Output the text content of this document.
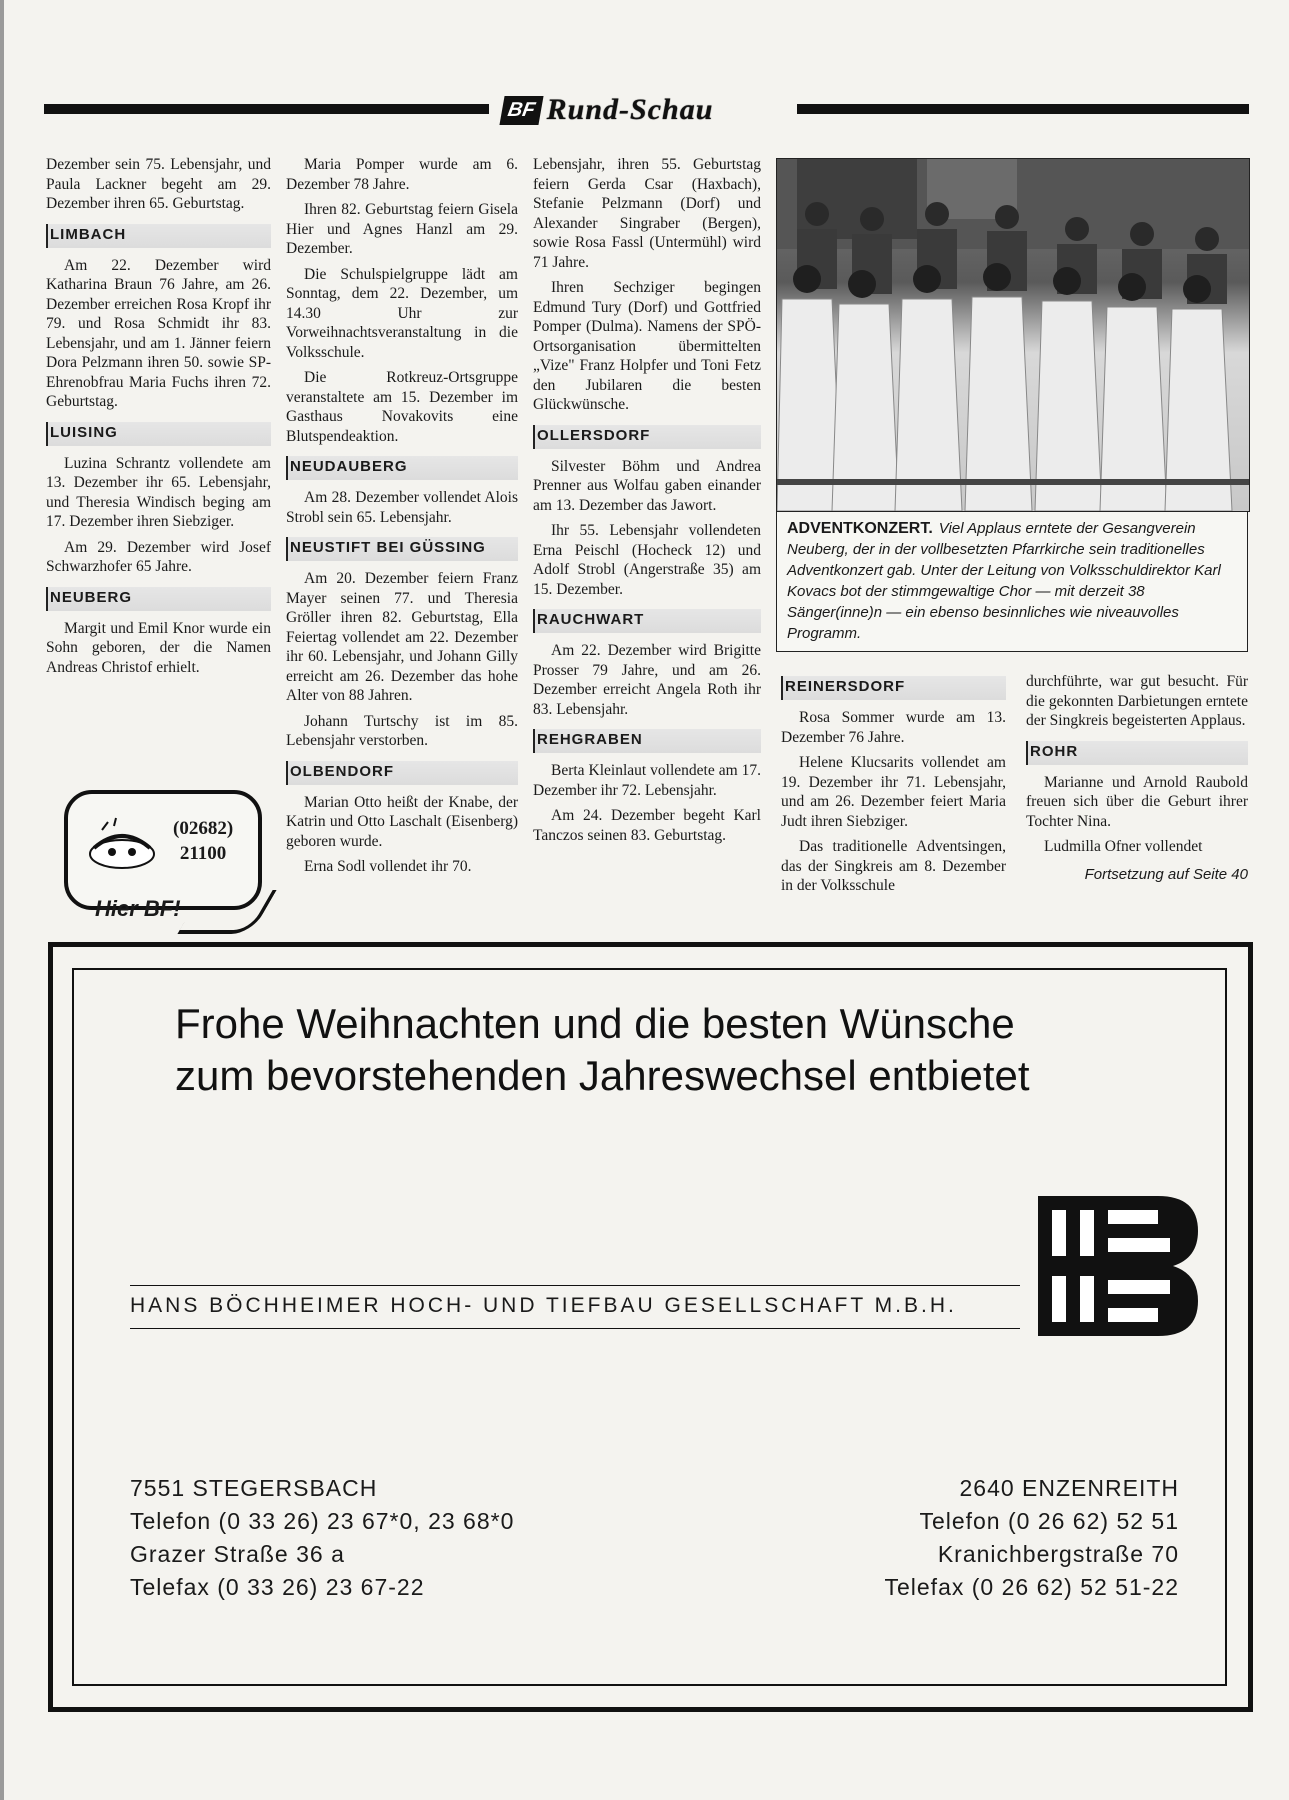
BF Rund-Schau

Dezember sein 75. Lebensjahr, und Paula Lackner begeht am 29. Dezember ihren 65. Geburtstag.

LIMBACH

Am 22. Dezember wird Katharina Braun 76 Jahre, am 26. Dezember erreichen Rosa Kropf ihr 79. und Rosa Schmidt ihr 83. Lebensjahr, und am 1. Jänner feiern Dora Pelzmann ihren 50. sowie SP-Ehrenobfrau Maria Fuchs ihren 72. Geburtstag.

LUISING

Luzina Schrantz vollendete am 13. Dezember ihr 65. Lebensjahr, und Theresia Windisch beging am 17. Dezember ihren Siebziger.

Am 29. Dezember wird Josef Schwarzhofer 65 Jahre.

NEUBERG

Margit und Emil Knor wurde ein Sohn geboren, der die Namen Andreas Christof erhielt.

(02682)
21100
Hier BF!

Maria Pomper wurde am 6. Dezember 78 Jahre.

Ihren 82. Geburtstag feiern Gisela Hier und Agnes Hanzl am 29. Dezember.

Die Schulspielgruppe lädt am Sonntag, dem 22. Dezember, um 14.30 Uhr zur Vorweihnachtsveranstaltung in die Volksschule.

Die Rotkreuz-Ortsgruppe veranstaltete am 15. Dezember im Gasthaus Novakovits eine Blutspendeaktion.

NEUDAUBERG

Am 28. Dezember vollendet Alois Strobl sein 65. Lebensjahr.

NEUSTIFT BEI GÜSSING

Am 20. Dezember feiern Franz Mayer seinen 77. und Theresia Gröller ihren 82. Geburtstag, Ella Feiertag vollendet am 22. Dezember ihr 60. Lebensjahr, und Johann Gilly erreicht am 26. Dezember das hohe Alter von 88 Jahren.

Johann Turtschy ist im 85. Lebensjahr verstorben.

OLBENDORF

Marian Otto heißt der Knabe, der Katrin und Otto Laschalt (Eisenberg) geboren wurde.

Erna Sodl vollendet ihr 70.

Lebensjahr, ihren 55. Geburtstag feiern Gerda Csar (Haxbach), Stefanie Pelzmann (Dorf) und Alexander Singraber (Bergen), sowie Rosa Fassl (Untermühl) wird 71 Jahre.

Ihren Sechziger begingen Edmund Tury (Dorf) und Gottfried Pomper (Dulma). Namens der SPÖ-Ortsorganisation übermittelten „Vize" Franz Holpfer und Toni Fetz den Jubilaren die besten Glückwünsche.

OLLERSDORF

Silvester Böhm und Andrea Prenner aus Wolfau gaben einander am 13. Dezember das Jawort.

Ihr 55. Lebensjahr vollendeten Erna Peischl (Hocheck 12) und Adolf Strobl (Angerstraße 35) am 15. Dezember.

RAUCHWART

Am 22. Dezember wird Brigitte Prosser 79 Jahre, und am 26. Dezember erreicht Angela Roth ihr 83. Lebensjahr.

REHGRABEN

Berta Kleinlaut vollendete am 17. Dezember ihr 72. Lebensjahr.

Am 24. Dezember begeht Karl Tanczos seinen 83. Geburtstag.

ADVENTKONZERT. Viel Applaus erntete der Gesangverein Neuberg, der in der vollbesetzten Pfarrkirche sein traditionelles Adventkonzert gab. Unter der Leitung von Volksschuldirektor Karl Kovacs bot der stimmgewaltige Chor — mit derzeit 38 Sänger(inne)n — ein ebenso besinnliches wie niveauvolles Programm.
REINERSDORF

Rosa Sommer wurde am 13. Dezember 76 Jahre.

Helene Klucsarits vollendet am 19. Dezember ihr 71. Lebensjahr, und am 26. Dezember feiert Maria Judt ihren Siebziger.

Das traditionelle Adventsingen, das der Singkreis am 8. Dezember in der Volksschule

durchführte, war gut besucht. Für die gekonnten Darbietungen erntete der Singkreis begeisterten Applaus.

ROHR

Marianne und Arnold Raubold freuen sich über die Geburt ihrer Tochter Nina.

Ludmilla Ofner vollendet

Fortsetzung auf Seite 40

Frohe Weihnachten und die besten Wünsche
zum bevorstehenden Jahreswechsel entbietet
HANS BÖCHHEIMER HOCH- UND TIEFBAU GESELLSCHAFT M.B.H.
7551 STEGERSBACH
Telefon (0 33 26) 23 67*0, 23 68*0
Grazer Straße 36 a
Telefax (0 33 26) 23 67-22
2640 ENZENREITH
Telefon (0 26 62) 52 51
Kranichbergstraße 70
Telefax (0 26 62) 52 51-22
